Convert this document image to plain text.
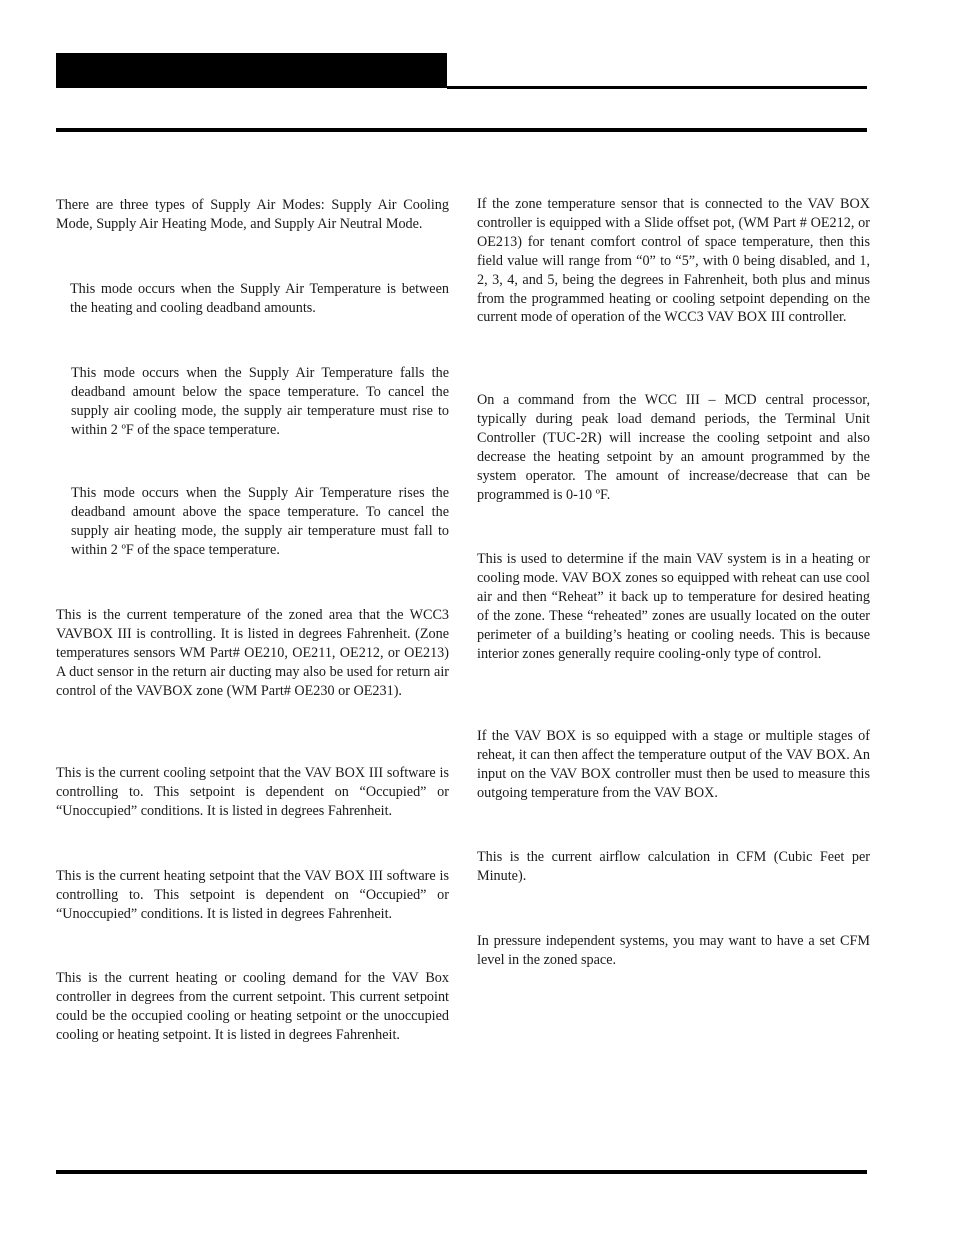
There are three types of Supply Air Modes: Supply Air Cooling Mode, Supply Air Heating Mode, and Supply Air Neutral Mode.

This mode occurs when the Supply Air Temperature is between the heating and cooling deadband amounts.

This mode occurs when the Supply Air Temperature falls the deadband amount below the space temperature. To cancel the supply air cooling mode, the supply air temperature must rise to within 2 ºF of the space temperature.

This mode occurs when the Supply Air Temperature rises the deadband amount above the space temperature. To cancel the supply air heating mode, the supply air temperature must fall to within 2 ºF of the space temperature.

This is the current temperature of the zoned area that the WCC3 VAVBOX III is controlling. It is listed in degrees Fahrenheit. (Zone temperatures sensors WM Part# OE210, OE211, OE212, or OE213) A duct sensor in the return air ducting may also be used for return air control of the VAVBOX zone (WM Part# OE230 or OE231).

This is the current cooling setpoint that the VAV BOX III software is controlling to. This setpoint is dependent on “Occupied” or “Unoccupied” conditions. It is listed in degrees Fahrenheit.

This is the current heating setpoint that the VAV BOX III software is controlling to. This setpoint is dependent on “Occupied” or “Unoccupied” conditions. It is listed in degrees Fahrenheit.

This is the current heating or cooling demand for the VAV Box controller in degrees from the current setpoint. This current setpoint could be the occupied cooling or heating setpoint or the unoccupied cooling or heating setpoint. It is listed in degrees Fahrenheit.

If the zone temperature sensor that is connected to the VAV BOX controller is equipped with a Slide offset pot, (WM Part # OE212, or OE213) for tenant comfort control of space temperature, then this field value will range from “0” to “5”, with 0 being disabled, and 1, 2, 3, 4, and 5, being the degrees in Fahrenheit, both plus and minus from the programmed heating or cooling setpoint depending on the current mode of operation of the WCC3 VAV BOX III controller.

On a command from the WCC III – MCD central processor, typically during peak load demand periods, the Terminal Unit Controller (TUC-2R) will increase the cooling setpoint and also decrease the heating setpoint by an amount programmed by the system operator. The amount of increase/decrease that can be programmed is 0-10 ºF.

This is used to determine if the main VAV system is in a heating or cooling mode. VAV BOX zones so equipped with reheat can use cool air and then “Reheat” it back up to temperature for desired heating of the zone. These “reheated” zones are usually located on the outer perimeter of a building’s heating or cooling needs. This is because interior zones generally require cooling-only type of control.

If the VAV BOX is so equipped with a stage or multiple stages of reheat, it can then affect the temperature output of the VAV BOX. An input on the VAV BOX controller must then be used to measure this outgoing temperature from the VAV BOX.

This is the current airflow calculation in CFM (Cubic Feet per Minute).

In pressure independent systems, you may want to have a set CFM level in the zoned space.
